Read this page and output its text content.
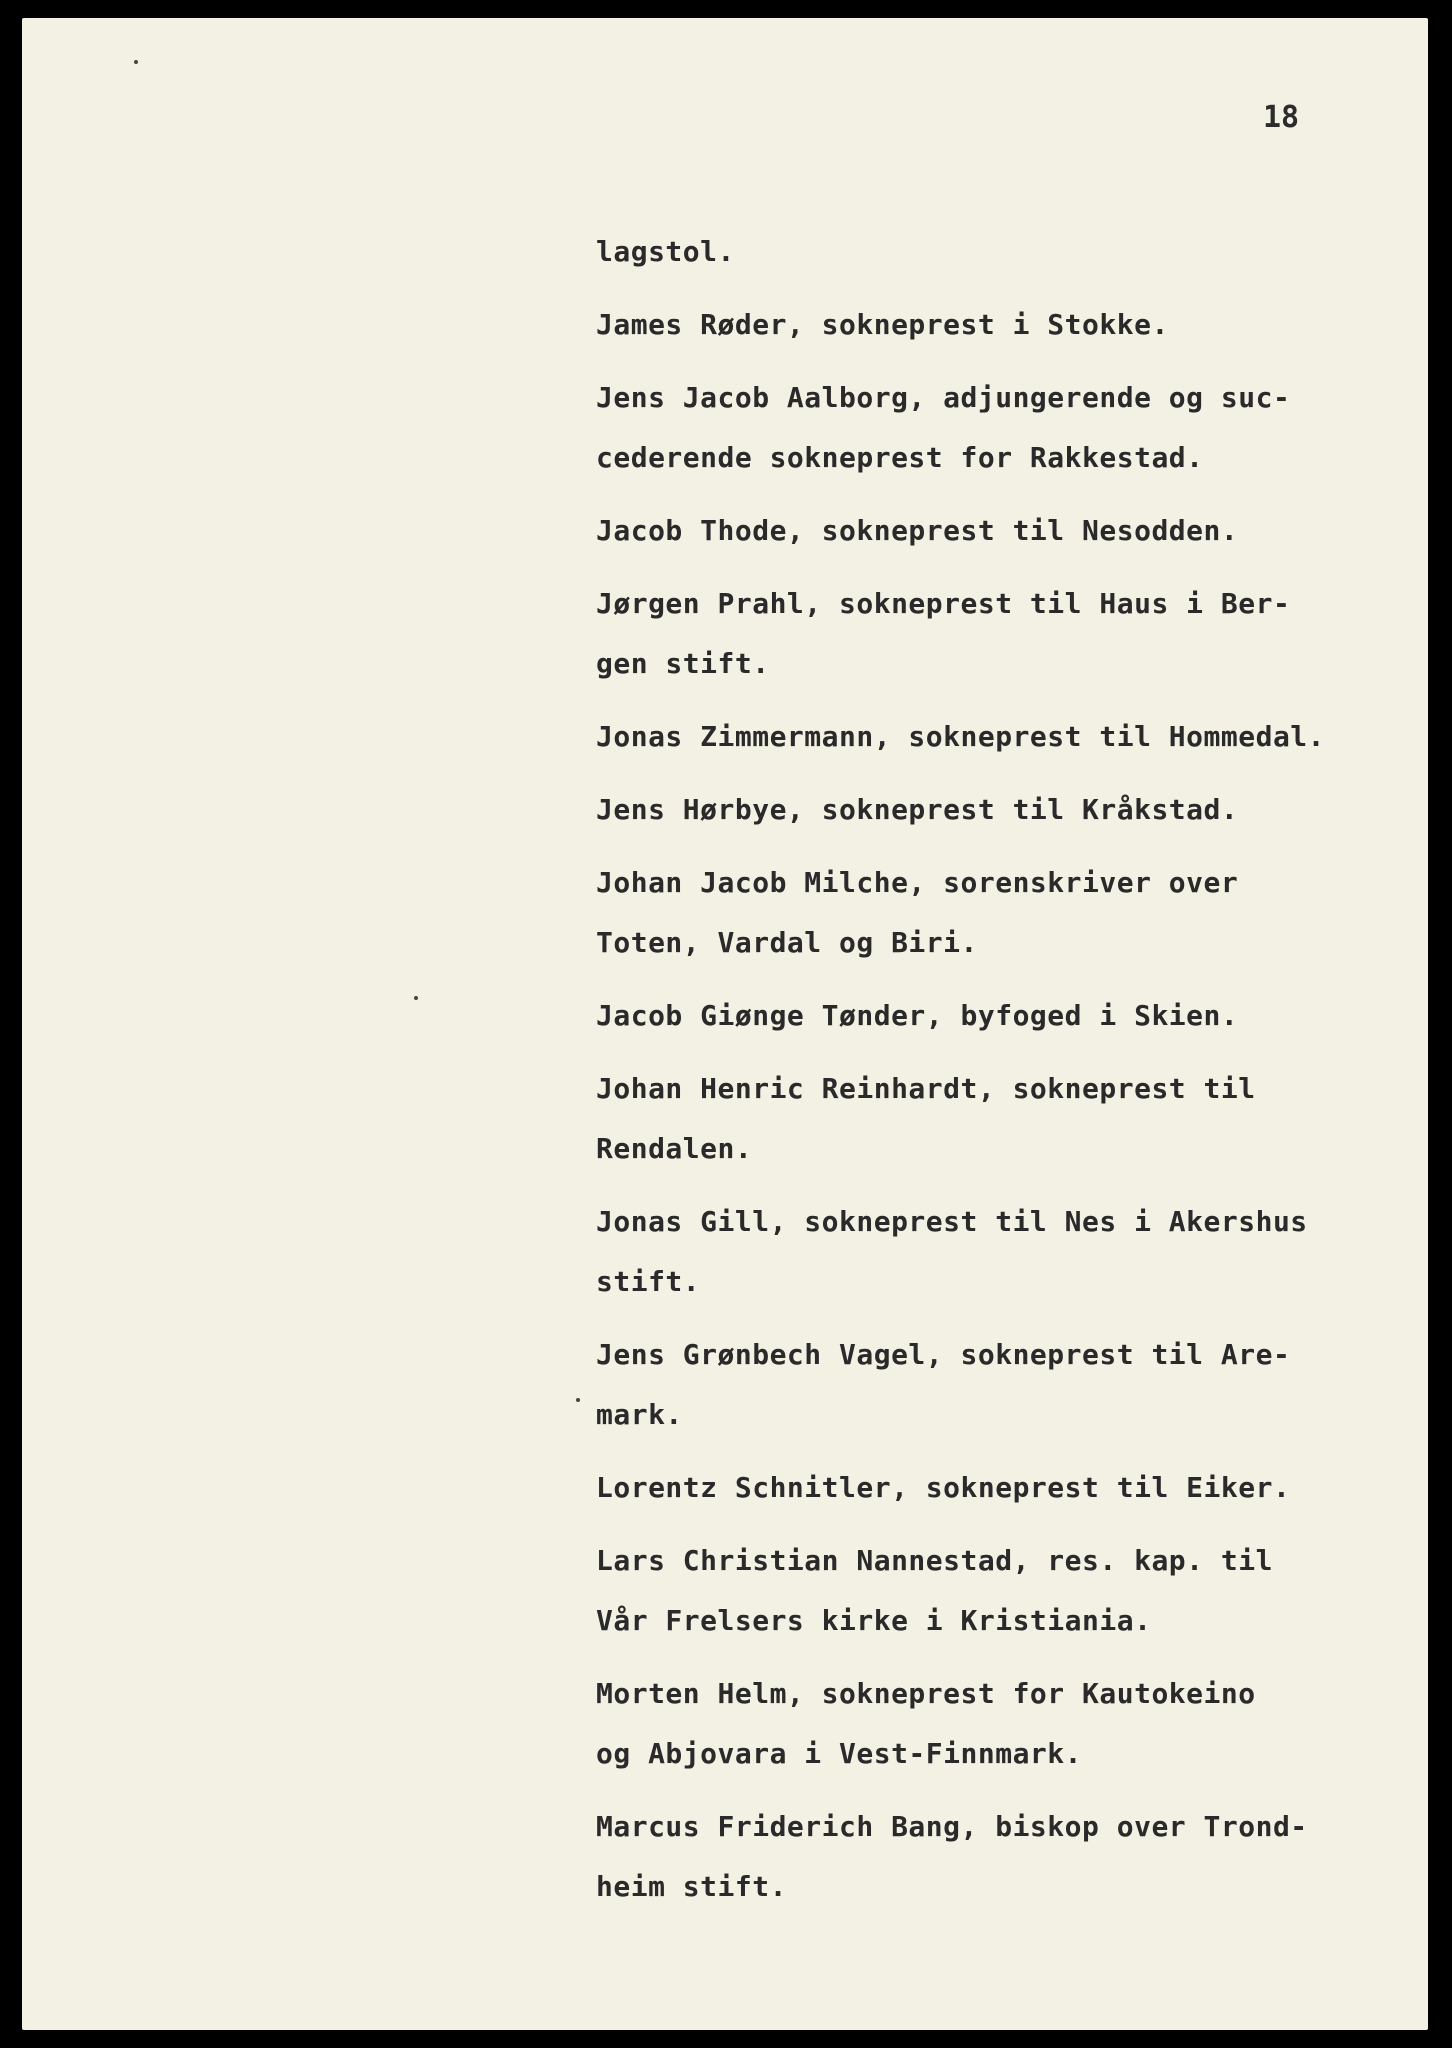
18

lagstol.
James Røder, sokneprest i Stokke.
Jens Jacob Aalborg, adjungerende og suc-
cederende sokneprest for Rakkestad.
Jacob Thode, sokneprest til Nesodden.
Jørgen Prahl, sokneprest til Haus i Ber-
gen stift.
Jonas Zimmermann, sokneprest til Hommedal.
Jens Hørbye, sokneprest til Kråkstad.
Johan Jacob Milche, sorenskriver over
Toten, Vardal og Biri.
Jacob Giønge Tønder, byfoged i Skien.
Johan Henric Reinhardt, sokneprest til
Rendalen.
Jonas Gill, sokneprest til Nes i Akershus
stift.
Jens Grønbech Vagel, sokneprest til Are-
mark.
Lorentz Schnitler, sokneprest til Eiker.
Lars Christian Nannestad, res. kap. til
Vår Frelsers kirke i Kristiania.
Morten Helm, sokneprest for Kautokeino
og Abjovara i Vest-Finnmark.
Marcus Friderich Bang, biskop over Trond-
heim stift.
